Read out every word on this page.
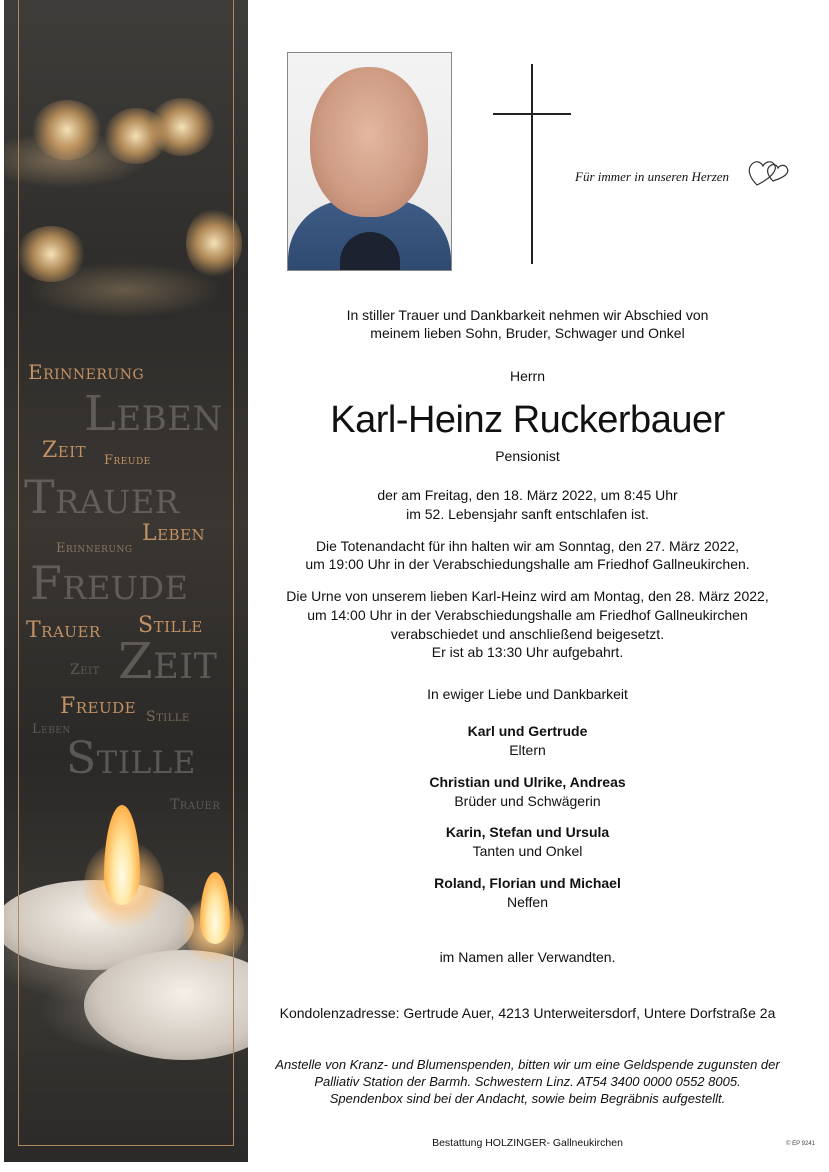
Erinnerung
Leben
Zeit Freude
Trauer
Leben
Erinnerung
Freude
Trauer Stille
Zeit
Zeit
Freude Stille
Leben
Stille
Trauer
Für immer in unseren Herzen
In stiller Trauer und Dankbarkeit nehmen wir Abschied von
meinem lieben Sohn, Bruder, Schwager und Onkel
Herrn
Karl-Heinz Ruckerbauer
Pensionist
der am Freitag, den 18. März 2022, um 8:45 Uhr
im 52. Lebensjahr sanft entschlafen ist.
Die Totenandacht für ihn halten wir am Sonntag, den 27. März 2022,
um 19:00 Uhr in der Verabschiedungshalle am Friedhof Gallneukirchen.
Die Urne von unserem lieben Karl-Heinz wird am Montag, den 28. März 2022,
um 14:00 Uhr in der Verabschiedungshalle am Friedhof Gallneukirchen
verabschiedet und anschließend beigesetzt.
Er ist ab 13:30 Uhr aufgebahrt.
In ewiger Liebe und Dankbarkeit
Karl und Gertrude
Eltern
Christian und Ulrike, Andreas
Brüder und Schwägerin
Karin, Stefan und Ursula
Tanten und Onkel
Roland, Florian und Michael
Neffen
im Namen aller Verwandten.
Kondolenzadresse: Gertrude Auer, 4213 Unterweitersdorf, Untere Dorfstraße 2a
Anstelle von Kranz- und Blumenspenden, bitten wir um eine Geldspende zugunsten der
Palliativ Station der Barmh. Schwestern Linz. AT54 3400 0000 0552 8005.
Spendenbox sind bei der Andacht, sowie beim Begräbnis aufgestellt.
Bestattung HOLZINGER- Gallneukirchen	© EP 9241
